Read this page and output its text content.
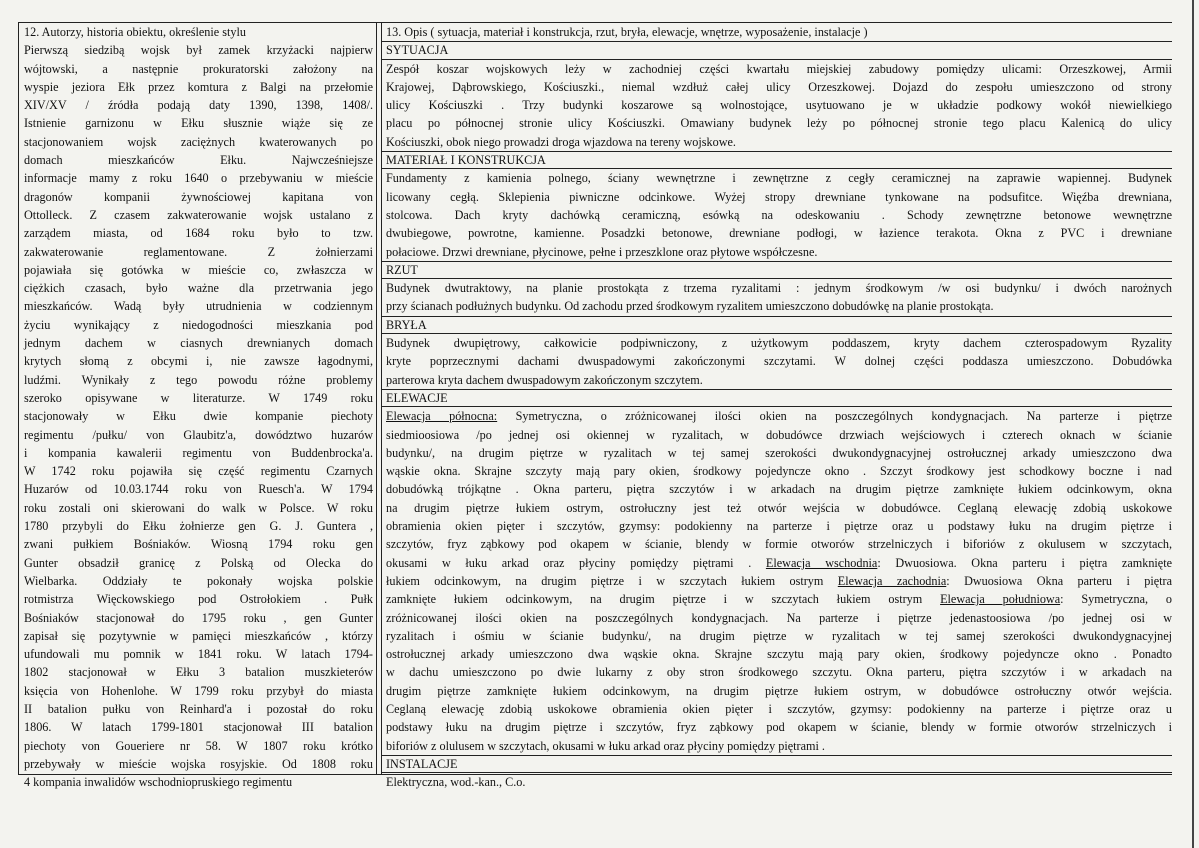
12. Autorzy, historia obiektu, określenie stylu
Pierwszą siedzibą wojsk był zamek krzyżacki najpierw
wójtowski, a następnie prokuratorski założony na
wyspie jeziora Ełk przez komtura z Balgi na przełomie
XIV/XV / źródła podają daty 1390, 1398, 1408/.
Istnienie garnizonu w Ełku słusznie wiąże się ze
stacjonowaniem wojsk zaciężnych kwaterowanych po
domach mieszkańców Ełku. Najwcześniejsze
informacje mamy z roku 1640 o przebywaniu w mieście
dragonów kompanii żywnościowej kapitana von
Ottolleck. Z czasem zakwaterowanie wojsk ustalano z
zarządem miasta, od 1684 roku było to tzw.
zakwaterowanie reglamentowane. Z żołnierzami
pojawiała się gotówka w mieście co, zwłaszcza w
ciężkich czasach, było ważne dla przetrwania jego
mieszkańców. Wadą były utrudnienia w codziennym
życiu wynikający z niedogodności mieszkania pod
jednym dachem w ciasnych drewnianych domach
krytych słomą z obcymi i, nie zawsze łagodnymi,
ludźmi. Wynikały z tego powodu różne problemy
szeroko opisywane w literaturze. W 1749 roku
stacjonowały w Ełku dwie kompanie piechoty
regimentu /pułku/ von Glaubitz'a, dowództwo huzarów
i kompania kawalerii regimentu von Buddenbrocka'a.
W 1742 roku pojawiła się część regimentu Czarnych
Huzarów od 10.03.1744 roku von Ruesch'a. W 1794
roku zostali oni skierowani do walk w Polsce. W roku
1780 przybyli do Ełku żołnierze gen G. J. Guntera ,
zwani pułkiem Bośniaków. Wiosną 1794 roku gen
Gunter obsadził granicę z Polską od Olecka do
Wielbarka. Oddziały te pokonały wojska polskie
rotmistrza Więckowskiego pod Ostrołokiem . Pułk
Bośniaków stacjonował do 1795 roku , gen Gunter
zapisał się pozytywnie w pamięci mieszkańców , którzy
ufundowali mu pomnik w 1841 roku. W latach 1794-
1802 stacjonował w Ełku 3 batalion muszkieterów
księcia von Hohenlohe. W 1799 roku przybył do miasta
II batalion pułku von Reinhard'a i pozostał do roku
1806. W latach 1799-1801 stacjonował III batalion
piechoty von Goueriere nr 58. W 1807 roku krótko
przebywały w mieście wojska rosyjskie. Od 1808 roku
4 kompania inwalidów wschodniopruskiego regimentu
13. Opis ( sytuacja, materiał i konstrukcja, rzut, bryła, elewacje, wnętrze, wyposażenie, instalacje )
SYTUACJA
Zespół koszar wojskowych leży w zachodniej części kwartału miejskiej zabudowy pomiędzy ulicami: Orzeszkowej, Armii
Krajowej, Dąbrowskiego, Kościuszki., niemal wzdłuż całej ulicy Orzeszkowej. Dojazd do zespołu umieszczono od strony
ulicy Kościuszki . Trzy budynki koszarowe są wolnostojące, usytuowano je w układzie podkowy wokół niewielkiego
placu po północnej stronie ulicy Kościuszki. Omawiany budynek leży po północnej stronie tego placu Kalenicą do ulicy
Kościuszki, obok niego prowadzi droga wjazdowa na tereny wojskowe.
MATERIAŁ I KONSTRUKCJA
Fundamenty z kamienia polnego, ściany wewnętrzne i zewnętrzne z cegły ceramicznej na zaprawie wapiennej. Budynek
licowany cegłą. Sklepienia piwniczne odcinkowe. Wyżej stropy drewniane tynkowane na podsufitce. Więźba drewniana,
stolcowa. Dach kryty dachówką ceramiczną, esówką na odeskowaniu . Schody zewnętrzne betonowe wewnętrzne
dwubiegowe, powrotne, kamienne. Posadzki betonowe, drewniane podłogi, w łazience terakota. Okna z PVC i drewniane
połaciowe. Drzwi drewniane, płycinowe, pełne i przeszklone oraz płytowe współczesne.
RZUT
Budynek dwutraktowy, na planie prostokąta z trzema ryzalitami : jednym środkowym /w osi budynku/ i dwóch narożnych
przy ścianach podłużnych budynku. Od zachodu przed środkowym ryzalitem umieszczono dobudówkę na planie prostokąta.
BRYŁA
Budynek dwupiętrowy, całkowicie podpiwniczony, z użytkowym poddaszem, kryty dachem czterospadowym Ryzality
kryte poprzecznymi dachami dwuspadowymi zakończonymi szczytami. W dolnej części poddasza umieszczono. Dobudówka
parterowa kryta dachem dwuspadowym zakończonym szczytem.
ELEWACJE
Elewacja północna: Symetryczna, o zróżnicowanej ilości okien na poszczególnych kondygnacjach. Na parterze i piętrze
siedmioosiowa /po jednej osi okiennej w ryzalitach, w dobudówce drzwiach wejściowych i czterech oknach w ścianie
budynku/, na drugim piętrze w ryzalitach w tej samej szerokości dwukondygnacyjnej ostrołucznej arkady umieszczono dwa
wąskie okna. Skrajne szczyty mają pary okien, środkowy pojedyncze okno . Szczyt środkowy jest schodkowy boczne i nad
dobudówką trójkątne . Okna parteru, piętra szczytów i w arkadach na drugim piętrze zamknięte łukiem odcinkowym, okna
na drugim piętrze łukiem ostrym, ostrołuczny jest też otwór wejścia w dobudówce. Ceglaną elewację zdobią uskokowe
obramienia okien pięter i szczytów, gzymsy: podokienny na parterze i piętrze oraz u podstawy łuku na drugim piętrze i
szczytów, fryz ząbkowy pod okapem w ścianie, blendy w formie otworów strzelniczych i biforiów z okulusem w szczytach,
okusami w łuku arkad oraz płyciny pomiędzy piętrami . Elewacja wschodnia: Dwuosiowa. Okna parteru i piętra zamknięte
łukiem odcinkowym, na drugim piętrze i w szczytach łukiem ostrym Elewacja zachodnia: Dwuosiowa Okna parteru i piętra
zamknięte łukiem odcinkowym, na drugim piętrze i w szczytach łukiem ostrym Elewacja południowa: Symetryczna, o
zróżnicowanej ilości okien na poszczególnych kondygnacjach. Na parterze i piętrze jedenastoosiowa /po jednej osi w
ryzalitach i ośmiu w ścianie budynku/, na drugim piętrze w ryzalitach w tej samej szerokości dwukondygnacyjnej
ostrołucznej arkady umieszczono dwa wąskie okna. Skrajne szczytu mają pary okien, środkowy pojedyncze okno . Ponadto
w dachu umieszczono po dwie lukarny z oby stron środkowego szczytu. Okna parteru, piętra szczytów i w arkadach na
drugim piętrze zamknięte łukiem odcinkowym, na drugim piętrze łukiem ostrym, w dobudówce ostrołuczny otwór wejścia.
Ceglaną elewację zdobią uskokowe obramienia okien pięter i szczytów, gzymsy: podokienny na parterze i piętrze oraz u
podstawy łuku na drugim piętrze i szczytów, fryz ząbkowy pod okapem w ścianie, blendy w formie otworów strzelniczych i
biforiów z olulusem w szczytach, okusami w łuku arkad oraz płyciny pomiędzy piętrami .
INSTALACJE
Elektryczna, wod.-kan., C.o.
